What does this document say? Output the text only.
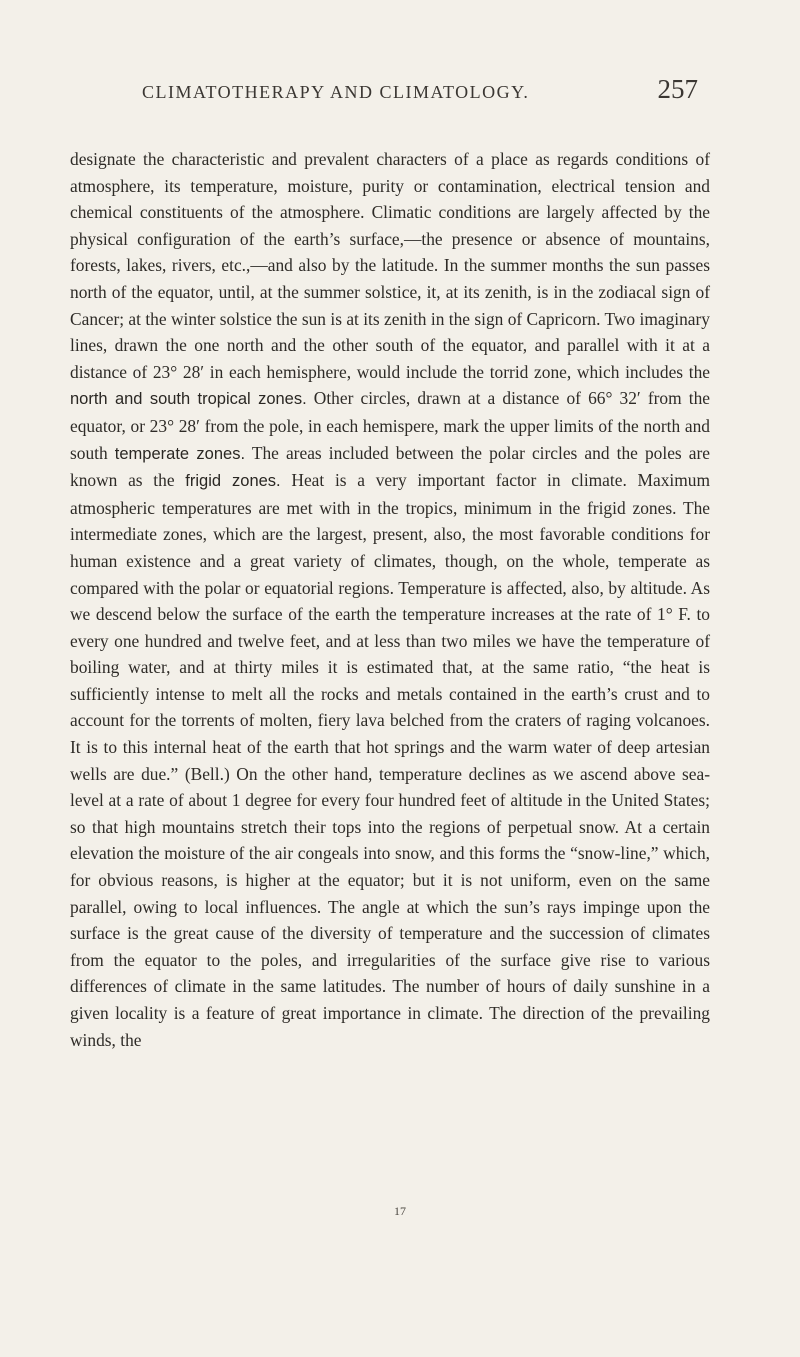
CLIMATOTHERAPY AND CLIMATOLOGY.	257

designate the characteristic and prevalent characters of a place as regards conditions of atmosphere, its temperature, moisture, purity or contamination, electrical tension and chemical constituents of the atmosphere. Climatic conditions are largely affected by the physical configuration of the earth’s surface,—the presence or absence of mountains, forests, lakes, rivers, etc.,—and also by the latitude. In the summer months the sun passes north of the equator, until, at the summer solstice, it, at its zenith, is in the zodiacal sign of Cancer; at the winter solstice the sun is at its zenith in the sign of Capricorn. Two imaginary lines, drawn the one north and the other south of the equator, and parallel with it at a distance of 23° 28′ in each hemisphere, would include the torrid zone, which includes the north and south tropical zones. Other circles, drawn at a distance of 66° 32′ from the equator, or 23° 28′ from the pole, in each hemispere, mark the upper limits of the north and south temperate zones. The areas included between the polar circles and the poles are known as the frigid zones. Heat is a very important factor in climate. Maximum atmospheric temperatures are met with in the tropics, minimum in the frigid zones. The intermediate zones, which are the largest, present, also, the most favorable conditions for human existence and a great variety of climates, though, on the whole, temperate as compared with the polar or equatorial regions. Temperature is affected, also, by altitude. As we descend below the surface of the earth the temperature increases at the rate of 1° F. to every one hundred and twelve feet, and at less than two miles we have the temperature of boiling water, and at thirty miles it is estimated that, at the same ratio, “the heat is sufficiently intense to melt all the rocks and metals contained in the earth’s crust and to account for the torrents of molten, fiery lava belched from the craters of raging volcanoes. It is to this internal heat of the earth that hot springs and the warm water of deep artesian wells are due.” (Bell.) On the other hand, temperature declines as we ascend above sea-level at a rate of about 1 degree for every four hundred feet of altitude in the United States; so that high mountains stretch their tops into the regions of perpetual snow. At a certain elevation the moisture of the air congeals into snow, and this forms the “snow-line,” which, for obvious reasons, is higher at the equator; but it is not uniform, even on the same parallel, owing to local influences. The angle at which the sun’s rays impinge upon the surface is the great cause of the diversity of temperature and the succession of climates from the equator to the poles, and irregularities of the surface give rise to various differences of climate in the same latitudes. The number of hours of daily sunshine in a given locality is a feature of great importance in climate. The direction of the prevailing winds, the

17
